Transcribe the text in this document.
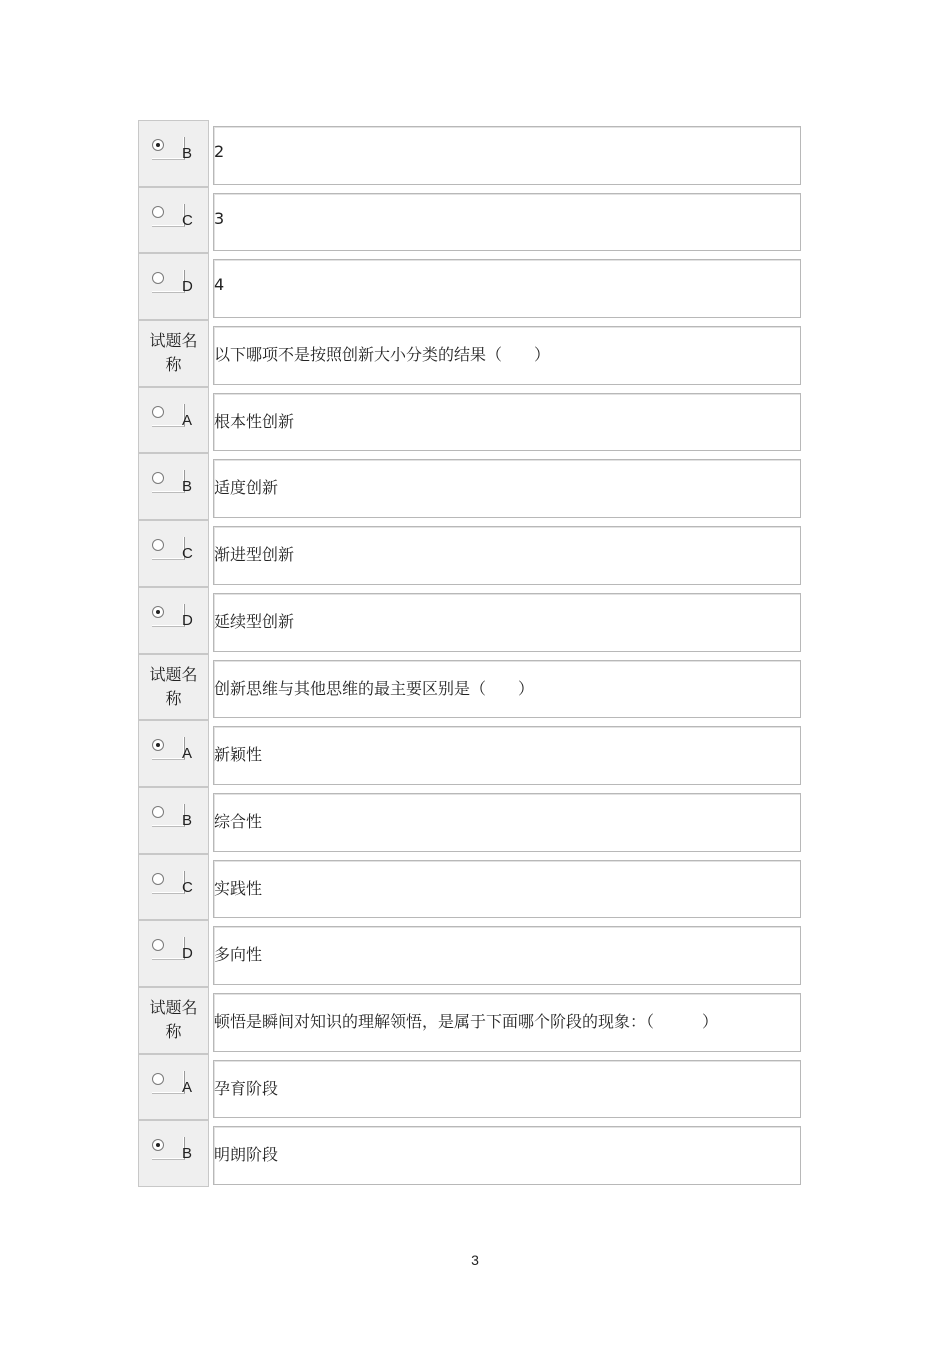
B 2
C 3
D 4
试题名
称
以下哪项不是按照创新大小分类的结果（　　）
A 根本性创新
B 适度创新
C 渐进型创新
D 延续型创新
试题名
称
创新思维与其他思维的最主要区别是（　　）
A 新颖性
B 综合性
C 实践性
D 多向性
试题名
称
顿悟是瞬间对知识的理解领悟，是属于下面哪个阶段的现象：（　　　）
A 孕育阶段
B 明朗阶段
3
